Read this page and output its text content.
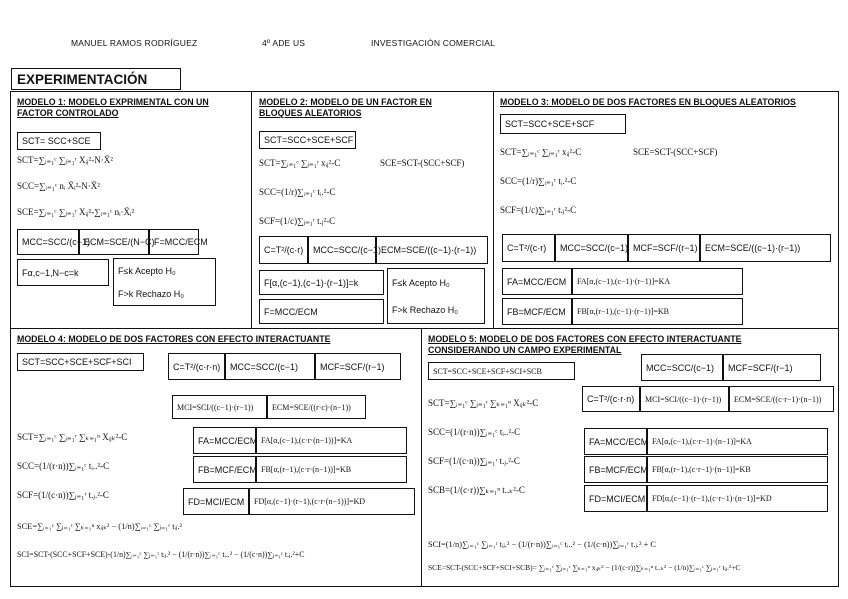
MANUEL RAMOS RODRÍGUEZ	4º ADE US	INVESTIGACIÓN COMERCIAL
EXPERIMENTACIÓN
MODELO 1: MODELO EXPRIMENTAL CON UN FACTOR CONTROLADO
SCT= SCC+SCE
SCT=∑ᵢ₌₁ᶜ ∑ⱼ₌₁ʳ Xᵢⱼ²-N·X̄²
SCC=∑ᵢ₌₁ᶜ nᵢ X̄ᵢ²-N·X̄²
SCE=∑ᵢ₌₁ᶜ ∑ⱼ₌₁ʳ Xᵢⱼ²-∑ᵢ₌₁ᶜ nᵢ·X̄ᵢ²
MCC=SCC/(c−1)
ECM=SCE/(N−C) F=MCC/ECM
Fα,c−1,N−c=k	F≤k Acepto H₀
F>k Rechazo H₀
MODELO 2: MODELO DE UN FACTOR EN BLOQUES ALEATORIOS
SCT=SCC+SCE+SCF
SCT=∑ᵢ₌₁ᶜ ∑ⱼ₌₁ʳ xᵢⱼ²-C	SCE=SCT-(SCC+SCF)
SCC=(1/r)∑ᵢ₌₁ᶜ tᵢ.²-C
SCF=(1/c)∑ⱼ₌₁ʳ t.ⱼ²-C
C=T²/(c·r)	MCC=SCC/(c−1) ECM=SCE/((c−1)·(r−1))
F[α,(c−1),(c−1)·(r−1)]=k
F=MCC/ECM
F≤k Acepto H₀
F>k Rechazo H₀
MODELO 3: MODELO DE DOS FACTORES EN BLOQUES ALEATORIOS
SCT=SCC+SCE+SCF
SCT=∑ᵢ₌₁ᶜ ∑ⱼ₌₁ʳ xᵢⱼ²-C	SCE=SCT-(SCC+SCF)
SCC=(1/r)∑ᵢ₌₁ᶜ tᵢ.²-C
SCF=(1/c)∑ⱼ₌₁ʳ t.ⱼ²-C
C=T²/(c·r)	MCC=SCC/(c−1) MCF=SCF/(r−1) ECM=SCE/((c−1)·(r−1))
FA=MCC/ECM	FA[α,(c−1),(c−1)·(r−1)]=KA
FB=MCF/ECM	FB[α,(r−1),(c−1)·(r−1)]=KB
MODELO 4: MODELO DE DOS FACTORES CON EFECTO INTERACTUANTE
SCT=SCC+SCE+SCF+SCI	C=T²/(c·r·n)	MCC=SCC/(c−1)	MCF=SCF/(r−1)
MCI=SCI/((c−1)·(r−1))	ECM=SCE/((r·c)·(n−1))
SCT=∑ᵢ₌₁ᶜ ∑ⱼ₌₁ʳ ∑ₖ₌₁ⁿ Xᵢⱼₖ²-C
SCC=(1/(r·n))∑ᵢ₌₁ᶜ tᵢ..²-C
SCF=(1/(c·n))∑ⱼ₌₁ʳ t.ⱼ.²-C
FA=MCC/ECM FA[α,(c−1),(c·r·(n−1))]=KA
FB=MCF/ECM FB[α,(r−1),(c·r·(n−1))]=KB
FD=MCI/ECM	FD[α,(c−1)·(r−1),(c·r·(n−1))]=KD
SCE=∑ᵢ₌₁ᶜ ∑ⱼ₌₁ʳ ∑ₖ₌₁ⁿ xᵢⱼₖ² − (1/n)∑ᵢ₌₁ᶜ ∑ⱼ₌₁ʳ tᵢⱼ.²
SCI=SCT-(SCC+SCF+SCE)-(1/n)∑ᵢ₌₁ᶜ ∑ⱼ₌₁ʳ tᵢⱼ.² − (1/(r·n))∑ᵢ₌₁ᶜ tᵢ..² − (1/(c·n))∑ⱼ₌₁ʳ t.ⱼ.²+C
MODELO 5: MODELO DE DOS FACTORES CON EFECTO INTERACTUANTE CONSIDERANDO UN CAMPO EXPERIMENTAL
MCC=SCC/(c−1)	MCF=SCF/(r−1)
SCT=SCC+SCE+SCF+SCI+SCB
C=T²/(c·r·n)	MCI=SCI/((c−1)·(r−1))	ECM=SCE/((c·r−1)·(n−1))
SCT=∑ᵢ₌₁ᶜ ∑ⱼ₌₁ʳ ∑ₖ₌₁ⁿ Xᵢⱼₖ²-C
SCC=(1/(r·n))∑ᵢ₌₁ᶜ tᵢ..²-C
SCF=(1/(c·n))∑ⱼ₌₁ʳ t.ⱼ.²-C
SCB=(1/(c·r))∑ₖ₌₁ⁿ t..ₖ²-C
FA=MCC/ECM FA[α,(c−1),(c·r−1)·(n−1)]=KA
FB=MCF/ECM FB[α,(r−1),(c·r−1)·(n−1)]=KB
FD=MCI/ECM FD[α,(c−1)·(r−1),(c·r−1)·(n−1)]=KD
SCI=(1/n)∑ᵢ₌₁ᶜ ∑ⱼ₌₁ʳ tᵢⱼ.² − (1/(r·n))∑ᵢ₌₁ᶜ tᵢ..² − (1/(c·n))∑ⱼ₌₁ʳ t.ⱼ.² + C
SCE=SCT-(SCC+SCF+SCI+SCB)= ∑ᵢ₌₁ᶜ ∑ⱼ₌₁ʳ ∑ₖ₌₁ⁿ xᵢⱼₖ² − (1/(c·r))∑ₖ₌₁ⁿ t..ₖ² − (1/n)∑ᵢ₌₁ᶜ ∑ⱼ₌₁ʳ tᵢⱼ.²+C
